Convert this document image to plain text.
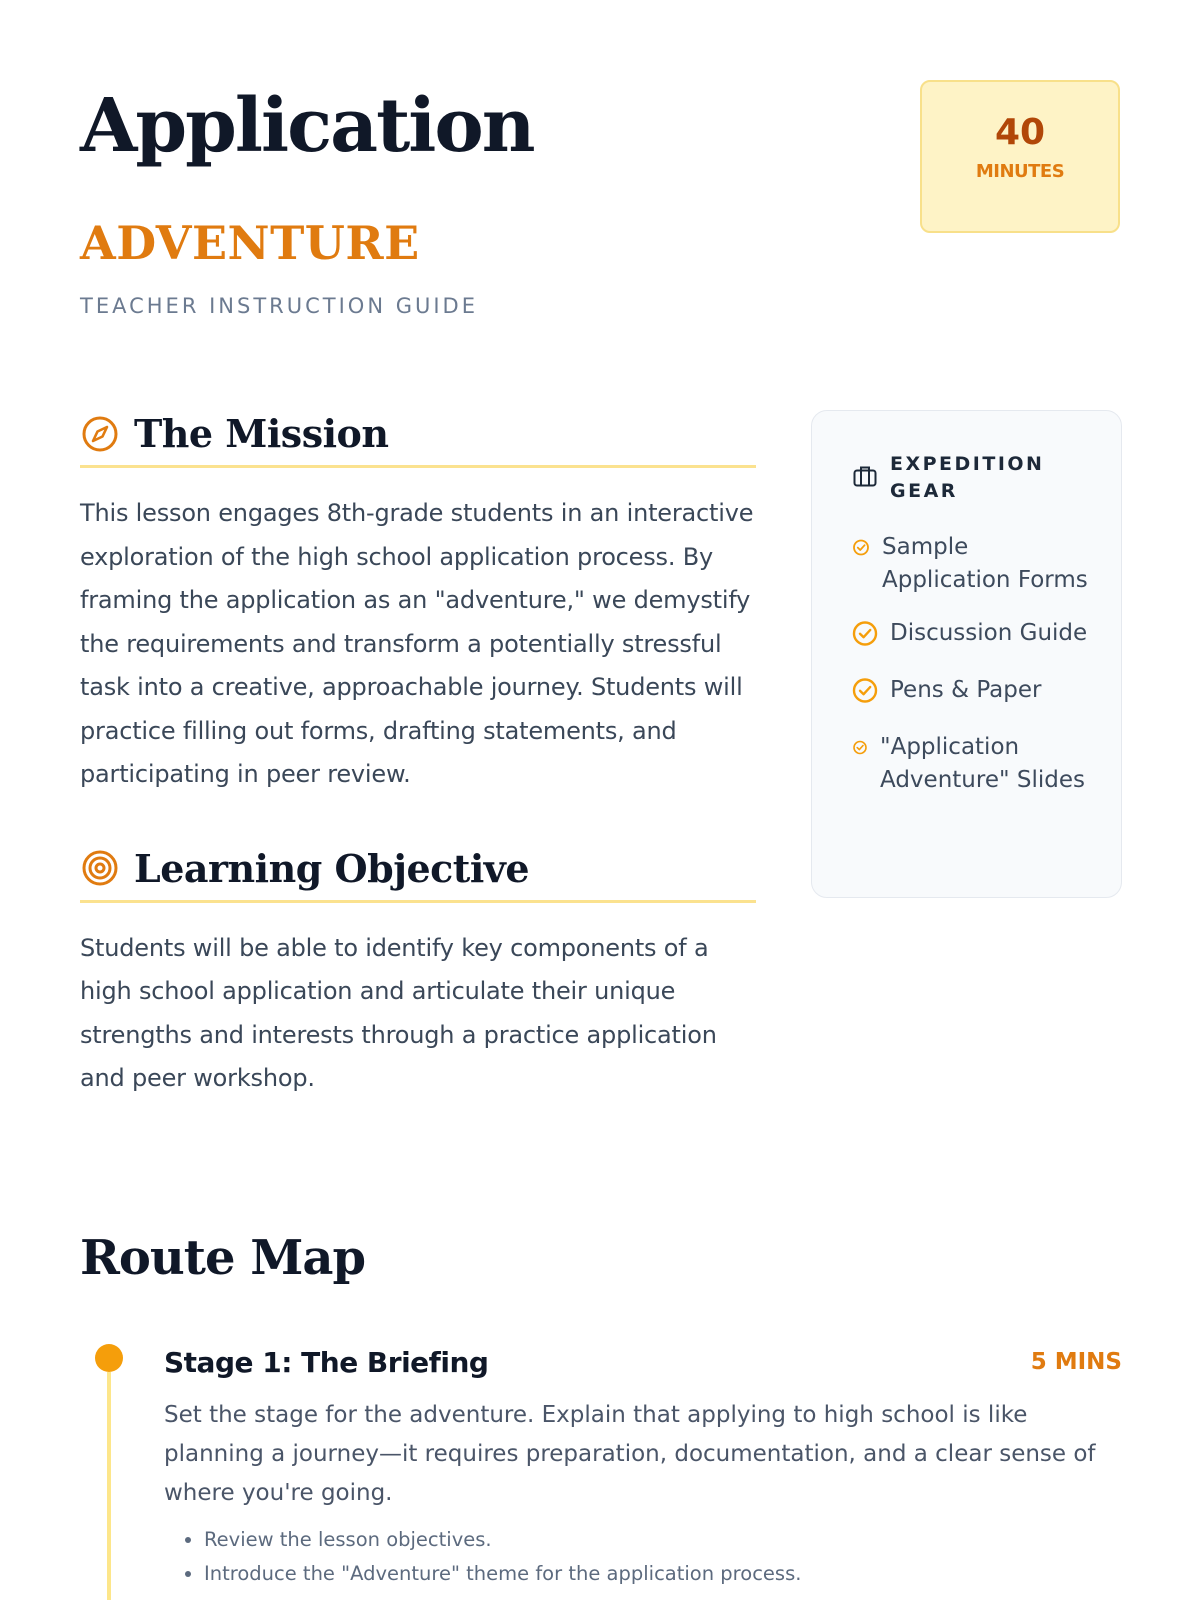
Application
ADVENTURE
TEACHER INSTRUCTION GUIDE
40
MINUTES
The Mission

This lesson engages 8th-grade students in an interactive exploration of the high school application process. By framing the application as an "adventure," we demystify the requirements and transform a potentially stressful task into a creative, approachable journey. Students will practice filling out forms, drafting statements, and participating in peer review.

Learning Objective

Students will be able to identify key components of a high school application and articulate their unique strengths and interests through a practice application and peer workshop.

EXPEDITION GEAR
Sample Application Forms
Discussion Guide
Pens & Paper
"Application Adventure" Slides
Route Map
Stage 1: The Briefing	5 MINS

Set the stage for the adventure. Explain that applying to high school is like planning a journey—it requires preparation, documentation, and a clear sense of where you're going.

• Review the lesson objectives.
• Introduce the "Adventure" theme for the application process.
